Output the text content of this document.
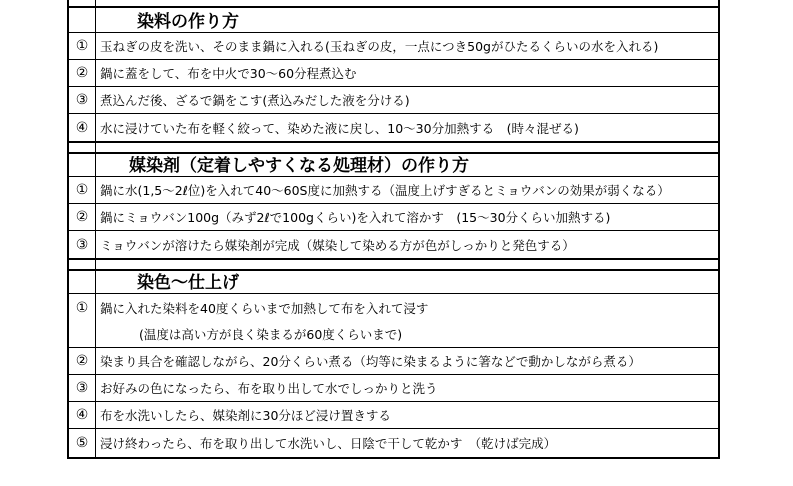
染料の作り方
① 玉ねぎの皮を洗い、そのまま鍋に入れる(玉ねぎの皮，一点につき50gがひたるくらいの水を入れる)
② 鍋に蓋をして、布を中火で30～60分程煮込む
③ 煮込んだ後、ざるで鍋をこす(煮込みだした液を分ける)
④ 水に浸けていた布を軽く絞って、染めた液に戻し、10～30分加熱する　(時々混ぜる)
媒染剤（定着しやすくなる処理材）の作り方
① 鍋に水(1,5～2ℓ位)を入れて40～60S度に加熱する（温度上げすぎるとミョウバンの効果が弱くなる）
② 鍋にミョウバン100g（みず2ℓで100gくらい)を入れて溶かす　(15～30分くらい加熱する)
③ ミョウバンが溶けたら媒染剤が完成（媒染して染める方が色がしっかりと発色する）
染色～仕上げ
① 鍋に入れた染料を40度くらいまで加熱して布を入れて浸す
(温度は高い方が良く染まるが60度くらいまで)
② 染まり具合を確認しながら、20分くらい煮る（均等に染まるように箸などで動かしながら煮る）
③ お好みの色になったら、布を取り出して水でしっかりと洗う
④ 布を水洗いしたら、媒染剤に30分ほど浸け置きする
⑤ 浸け終わったら、布を取り出して水洗いし、日陰で干して乾かす　（乾けば完成）
